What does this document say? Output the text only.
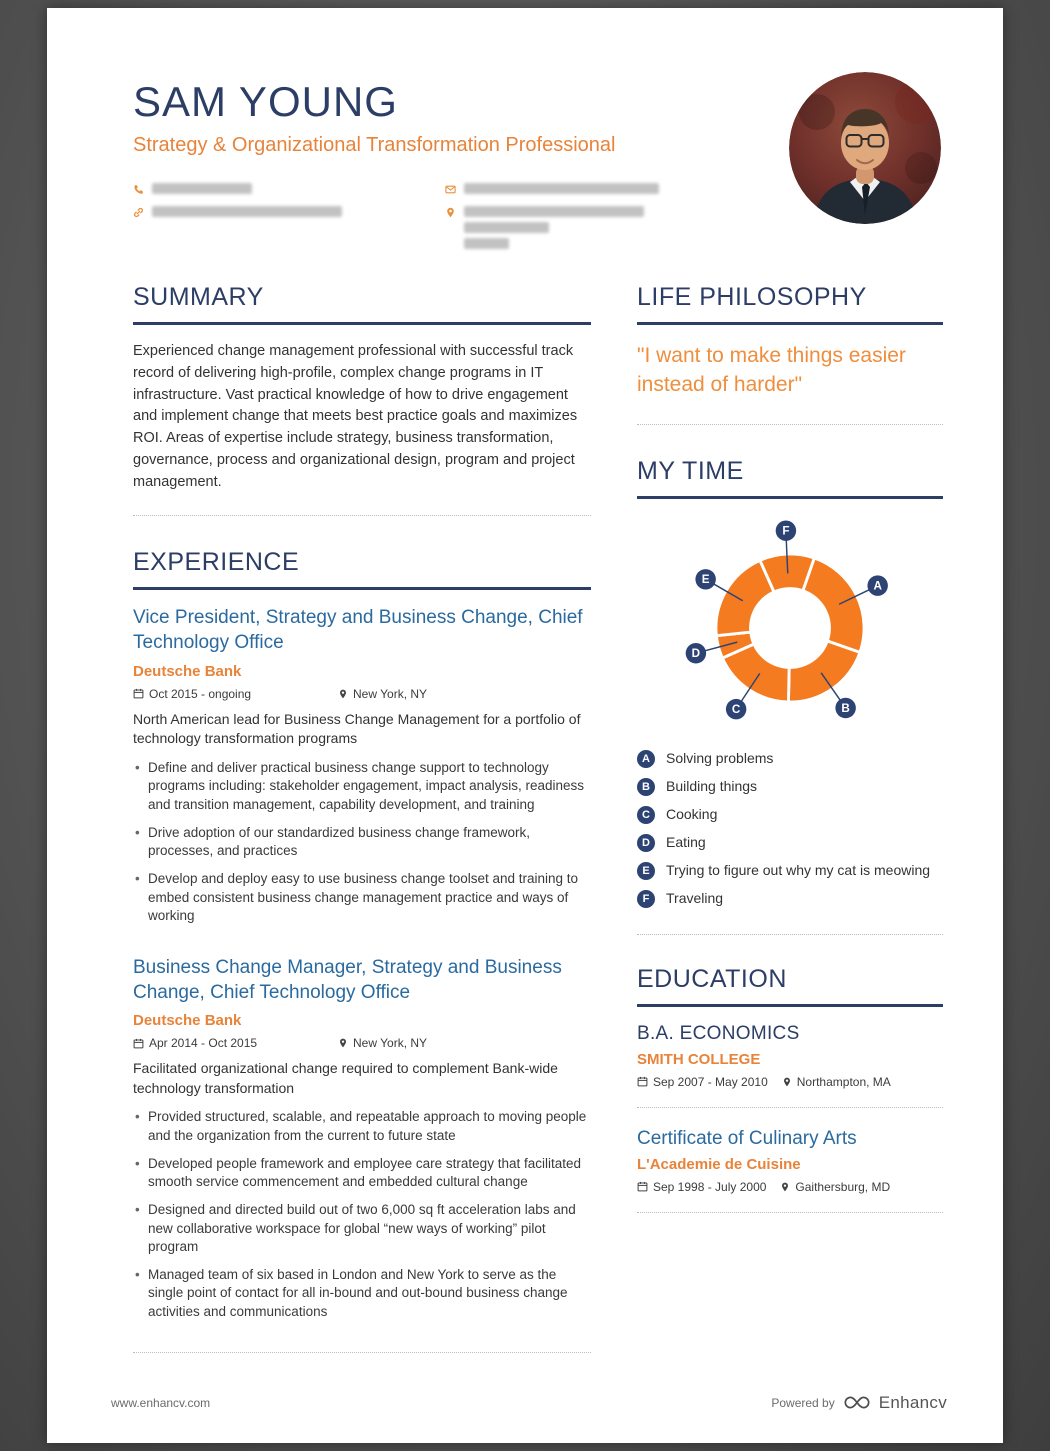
SAM YOUNG
Strategy & Organizational Transformation Professional
SUMMARY

Experienced change management professional with successful track record of delivering high-profile, complex change programs in IT infrastructure. Vast practical knowledge of how to drive engagement and implement change that meets best practice goals and maximizes ROI. Areas of expertise include strategy, business transformation, governance, process and organizational design, program and project management.

EXPERIENCE
Vice President, Strategy and Business Change, Chief Technology Office
Deutsche Bank
Oct 2015 - ongoing	New York, NY

North American lead for Business Change Management for a portfolio of technology transformation programs

• Define and deliver practical business change support to technology programs including: stakeholder engagement, impact analysis, readiness and transition management, capability development, and training
• Drive adoption of our standardized business change framework, processes, and practices
• Develop and deploy easy to use business change toolset and training to embed consistent business change management practice and ways of working
Business Change Manager, Strategy and Business Change, Chief Technology Office
Deutsche Bank
Apr 2014 - Oct 2015	New York, NY

Facilitated organizational change required to complement Bank-wide technology transformation

• Provided structured, scalable, and repeatable approach to moving people and the organization from the current to future state
• Developed people framework and employee care strategy that facilitated smooth service commencement and embedded cultural change
• Designed and directed build out of two 6,000 sq ft acceleration labs and new collaborative workspace for global “new ways of working” pilot program
• Managed team of six based in London and New York to serve as the single point of contact for all in-bound and out-bound business change activities and communications
LIFE PHILOSOPHY

"I want to make things easier instead of harder"

MY TIME
F
A
B
C
D
E
A	Solving problems
B	Building things
C	Cooking
D	Eating
E	Trying to figure out why my cat is meowing
F	Traveling
EDUCATION
B.A. ECONOMICS
SMITH COLLEGE
Sep 2007 - May 2010 Northampton, MA
Certificate of Culinary Arts
L'Academie de Cuisine
Sep 1998 - July 2000 Gaithersburg, MD
www.enhancv.com	Powered by	Enhancv
